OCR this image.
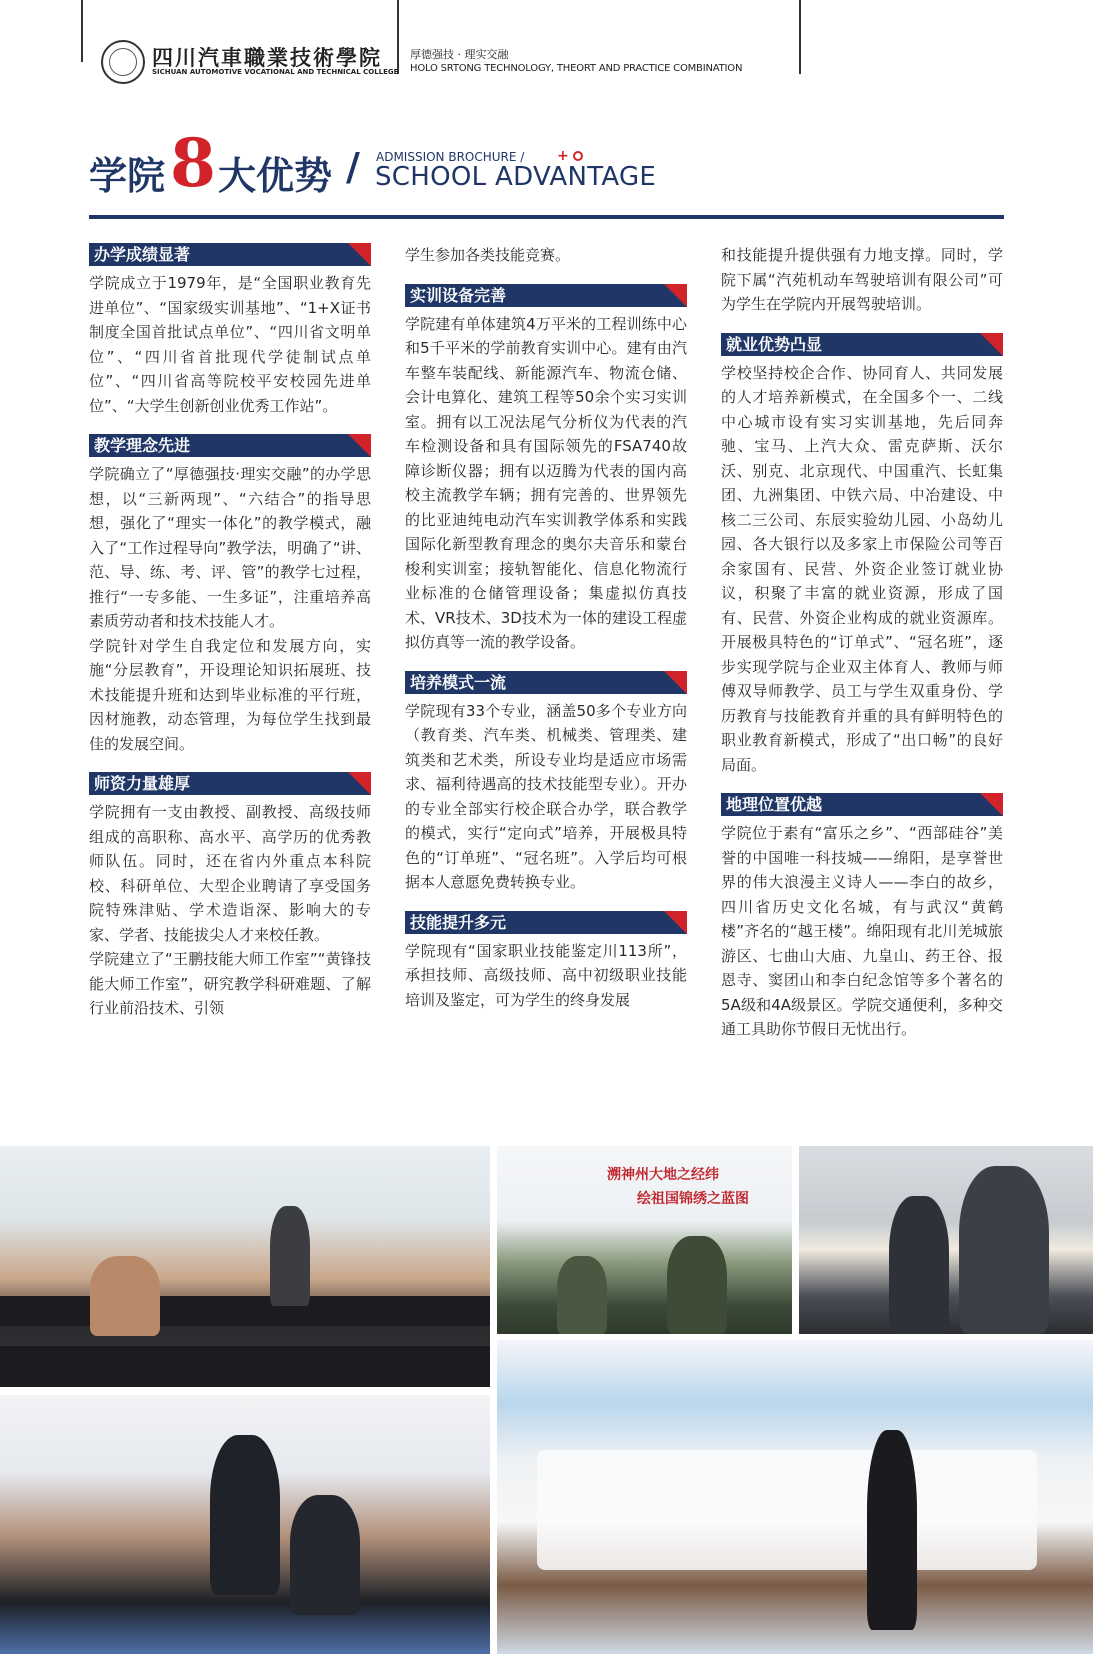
四川汽車職業技術學院
SICHUAN AUTOMOTIVE VOCATIONAL AND TECHNICAL COLLEGE
厚德强技 · 理实交融
HOLO SRTONG TECHNOLOGY, THEORT AND PRACTICE COMBINATION
学院 8 大优势 / ADMISSION BROCHURE / +
SCHOOL ADVANTAGE
办学成绩显著

学院成立于1979年，是“全国职业教育先进单位”、“国家级实训基地”、“1+X证书制度全国首批试点单位”、“四川省文明单位”、“四川省首批现代学徒制试点单位”、“四川省高等院校平安校园先进单位”、“大学生创新创业优秀工作站”。

教学理念先进

学院确立了“厚德强技·理实交融”的办学思想，以“三新两现”、“六结合”的指导思想，强化了“理实一体化”的教学模式，融入了“工作过程导向”教学法，明确了“讲、范、导、练、考、评、管”的教学七过程，推行“一专多能、一生多证”，注重培养高素质劳动者和技术技能人才。

学院针对学生自我定位和发展方向，实施“分层教育”，开设理论知识拓展班、技术技能提升班和达到毕业标准的平行班，因材施教，动态管理，为每位学生找到最佳的发展空间。

师资力量雄厚

学院拥有一支由教授、副教授、高级技师组成的高职称、高水平、高学历的优秀教师队伍。同时，还在省内外重点本科院校、科研单位、大型企业聘请了享受国务院特殊津贴、学术造诣深、影响大的专家、学者、技能拔尖人才来校任教。

学院建立了“王鹏技能大师工作室”“黄锋技能大师工作室”，研究教学科研难题、了解行业前沿技术、引领

学生参加各类技能竞赛。

实训设备完善

学院建有单体建筑4万平米的工程训练中心和5千平米的学前教育实训中心。建有由汽车整车装配线、新能源汽车、物流仓储、会计电算化、建筑工程等50余个实习实训室。拥有以工况法尾气分析仪为代表的汽车检测设备和具有国际领先的FSA740故障诊断仪器；拥有以迈腾为代表的国内高校主流教学车辆；拥有完善的、世界领先的比亚迪纯电动汽车实训教学体系和实践国际化新型教育理念的奥尔夫音乐和蒙台梭利实训室；接轨智能化、信息化物流行业标准的仓储管理设备；集虚拟仿真技术、VR技术、3D技术为一体的建设工程虚拟仿真等一流的教学设备。

培养模式一流

学院现有33个专业，涵盖50多个专业方向（教育类、汽车类、机械类、管理类、建筑类和艺术类，所设专业均是适应市场需求、福利待遇高的技术技能型专业）。开办的专业全部实行校企联合办学，联合教学的模式，实行“定向式”培养，开展极具特色的“订单班”、“冠名班”。入学后均可根据本人意愿免费转换专业。

技能提升多元

学院现有“国家职业技能鉴定川113所”，承担技师、高级技师、高中初级职业技能培训及鉴定，可为学生的终身发展

和技能提升提供强有力地支撑。同时，学院下属“汽苑机动车驾驶培训有限公司”可为学生在学院内开展驾驶培训。

就业优势凸显

学校坚持校企合作、协同育人、共同发展的人才培养新模式，在全国多个一、二线中心城市设有实习实训基地，先后同奔驰、宝马、上汽大众、雷克萨斯、沃尔沃、别克、北京现代、中国重汽、长虹集团、九洲集团、中铁六局、中冶建设、中核二三公司、东辰实验幼儿园、小岛幼儿园、各大银行以及多家上市保险公司等百余家国有、民营、外资企业签订就业协议，积聚了丰富的就业资源，形成了国有、民营、外资企业构成的就业资源库。开展极具特色的“订单式”、“冠名班”，逐步实现学院与企业双主体育人、教师与师傅双导师教学、员工与学生双重身份、学历教育与技能教育并重的具有鲜明特色的职业教育新模式，形成了“出口畅”的良好局面。

地理位置优越

学院位于素有“富乐之乡”、“西部硅谷”美誉的中国唯一科技城——绵阳，是享誉世界的伟大浪漫主义诗人——李白的故乡，四川省历史文化名城，有与武汉“黄鹤楼”齐名的“越王楼”。绵阳现有北川羌城旅游区、七曲山大庙、九皇山、药王谷、报恩寺、窦团山和李白纪念馆等多个著名的5A级和4A级景区。学院交通便利，多种交通工具助你节假日无忧出行。

溯神州大地之经纬
绘祖国锦绣之蓝图
